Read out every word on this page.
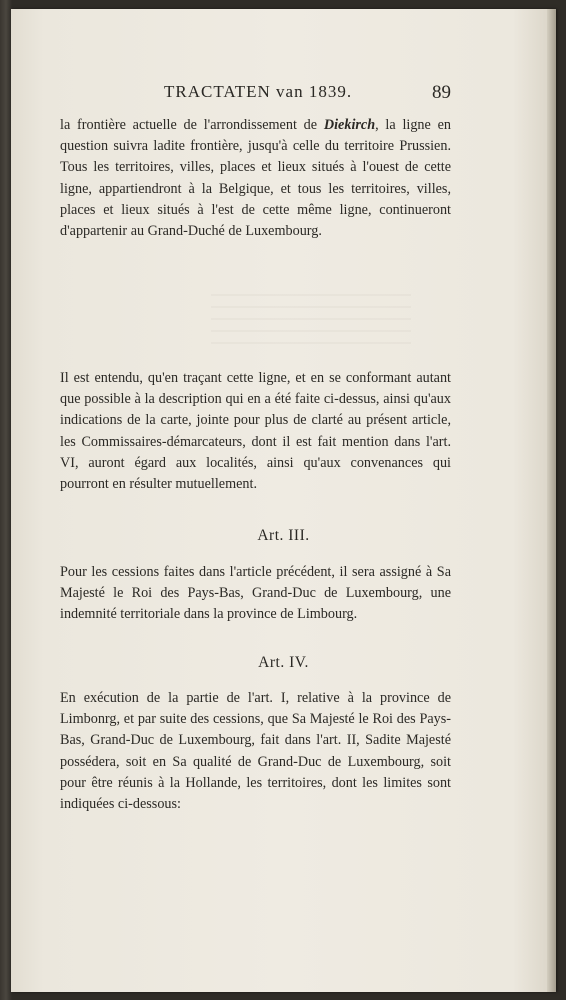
TRACTATEN van 1839.	89

la frontière actuelle de l'arrondissement de Diekirch, la ligne en question suivra ladite frontière, jusqu'à celle du territoire Prussien. Tous les territoires, villes, places et lieux situés à l'ouest de cette ligne, appartiendront à la Belgique, et tous les territoires, villes, places et lieux situés à l'est de cette même ligne, continueront d'appartenir au Grand-Duché de Luxembourg.

Il est entendu, qu'en traçant cette ligne, et en se conformant autant que possible à la description qui en a été faite ci-dessus, ainsi qu'aux indications de la carte, jointe pour plus de clarté au présent article, les Commissaires-démarcateurs, dont il est fait mention dans l'art. VI, auront égard aux localités, ainsi qu'aux convenances qui pourront en résulter mutuellement.

Art. III.

Pour les cessions faites dans l'article précédent, il sera assigné à Sa Majesté le Roi des Pays-Bas, Grand-Duc de Luxembourg, une indemnité territoriale dans la province de Limbourg.

Art. IV.

En exécution de la partie de l'art. I, relative à la province de Limbonrg, et par suite des cessions, que Sa Majesté le Roi des Pays-Bas, Grand-Duc de Luxembourg, fait dans l'art. II, Sadite Majesté possédera, soit en Sa qualité de Grand-Duc de Luxembourg, soit pour être réunis à la Hollande, les territoires, dont les limites sont indiquées ci-dessous:
